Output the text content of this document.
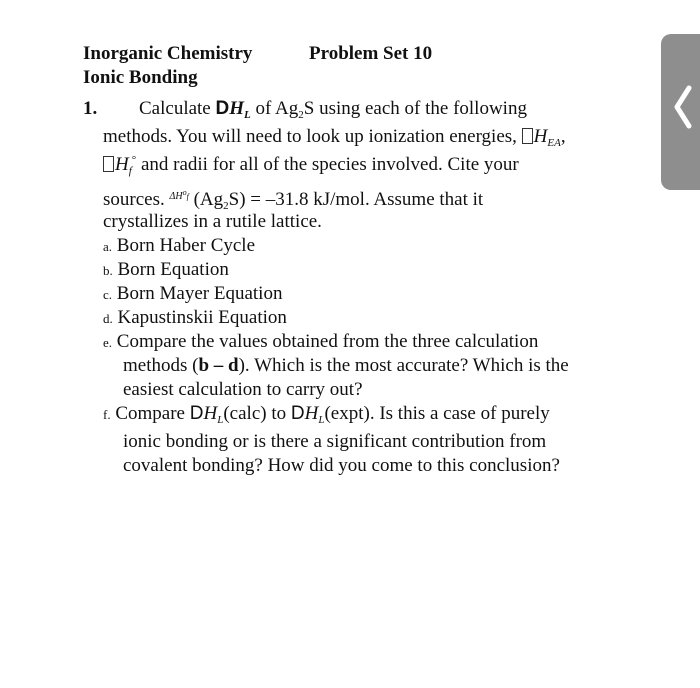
Inorganic Chemistry	Problem Set 10
Ionic Bonding
1. Calculate $DH_L$ of $Ag_2S$ using each of the following
methods. You will need to look up ionization energies, $H_{EA}$,
$H_f^\circ$ and radii for all of the species involved. Cite your
sources. $^{\Delta H^of}$ $(Ag_2S) = -31.8$ kJ/mol. Assume that it
crystallizes in a rutile lattice.
a. Born Haber Cycle
b. Born Equation
c. Born Mayer Equation
d. Kapustinskii Equation
e. Compare the values obtained from the three calculation
methods (b – d). Which is the most accurate? Which is the
easiest calculation to carry out?
f. Compare $DH_L(calc)$ to $DH_L(\exp t)$. Is this a case of purely
ionic bonding or is there a significant contribution from
covalent bonding? How did you come to this conclusion?
